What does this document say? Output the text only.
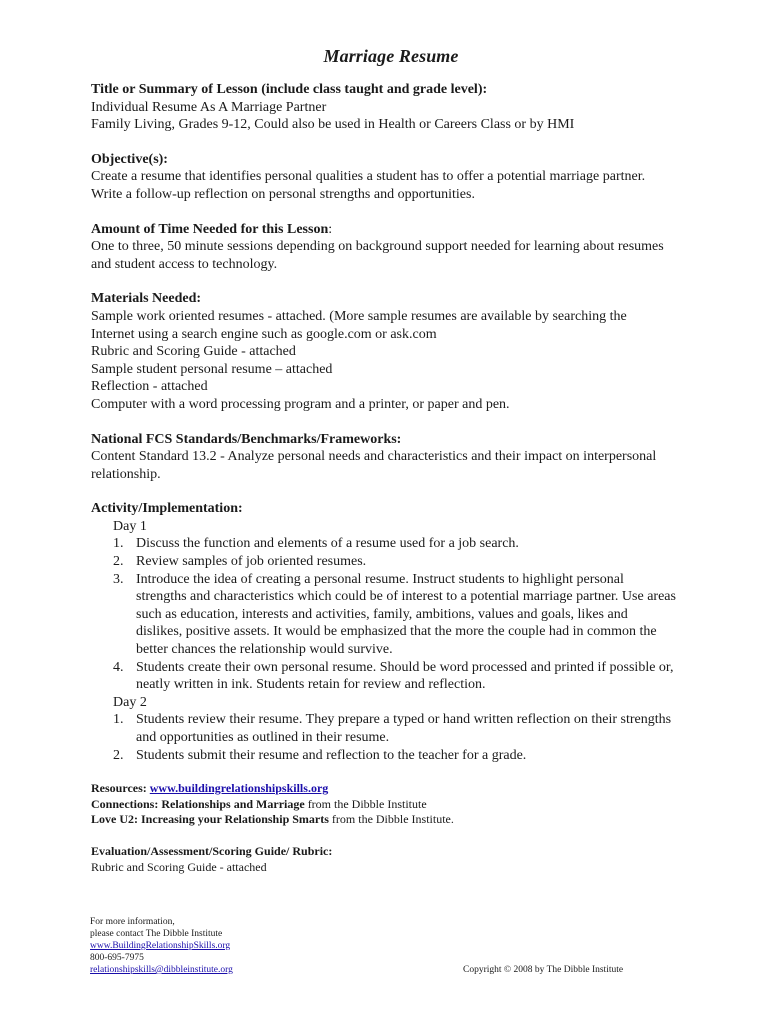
Marriage Resume

Title or Summary of Lesson (include class taught and grade level):

Individual Resume As A Marriage Partner

Family Living, Grades 9-12, Could also be used in Health or Careers Class or by HMI

Objective(s):

Create a resume that identifies personal qualities a student has to offer a potential marriage partner. Write a follow-up reflection on personal strengths and opportunities.

Amount of Time Needed for this Lesson:

One to three, 50 minute sessions depending on background support needed for learning about resumes and student access to technology.

Materials Needed:

Sample work oriented resumes - attached. (More sample resumes are available by searching the Internet using a search engine such as google.com or ask.com

Rubric and Scoring Guide - attached

Sample student personal resume – attached

Reflection - attached

Computer with a word processing program and a printer, or paper and pen.

National FCS Standards/Benchmarks/Frameworks:

Content Standard 13.2 - Analyze personal needs and characteristics and their impact on interpersonal relationship.

Activity/Implementation:

Day 1

1. Discuss the function and elements of a resume used for a job search.
2. Review samples of job oriented resumes.
3. Introduce the idea of creating a personal resume. Instruct students to highlight personal strengths and characteristics which could be of interest to a potential marriage partner. Use areas such as education, interests and activities, family, ambitions, values and goals, likes and dislikes, positive assets. It would be emphasized that the more the couple had in common the better chances the relationship would survive.
4. Students create their own personal resume. Should be word processed and printed if possible or, neatly written in ink. Students retain for review and reflection.

Day 2

1. Students review their resume. They prepare a typed or hand written reflection on their strengths and opportunities as outlined in their resume.
2. Students submit their resume and reflection to the teacher for a grade.

Resources: www.buildingrelationshipskills.org

Connections: Relationships and Marriage from the Dibble Institute

Love U2: Increasing your Relationship Smarts from the Dibble Institute.

Evaluation/Assessment/Scoring Guide/ Rubric:

Rubric and Scoring Guide - attached

For more information,
please contact The Dibble Institute
www.BuildingRelationshipSkills.org
800-695-7975
relationshipskills@dibbleinstitute.org	Copyright © 2008 by The Dibble Institute
